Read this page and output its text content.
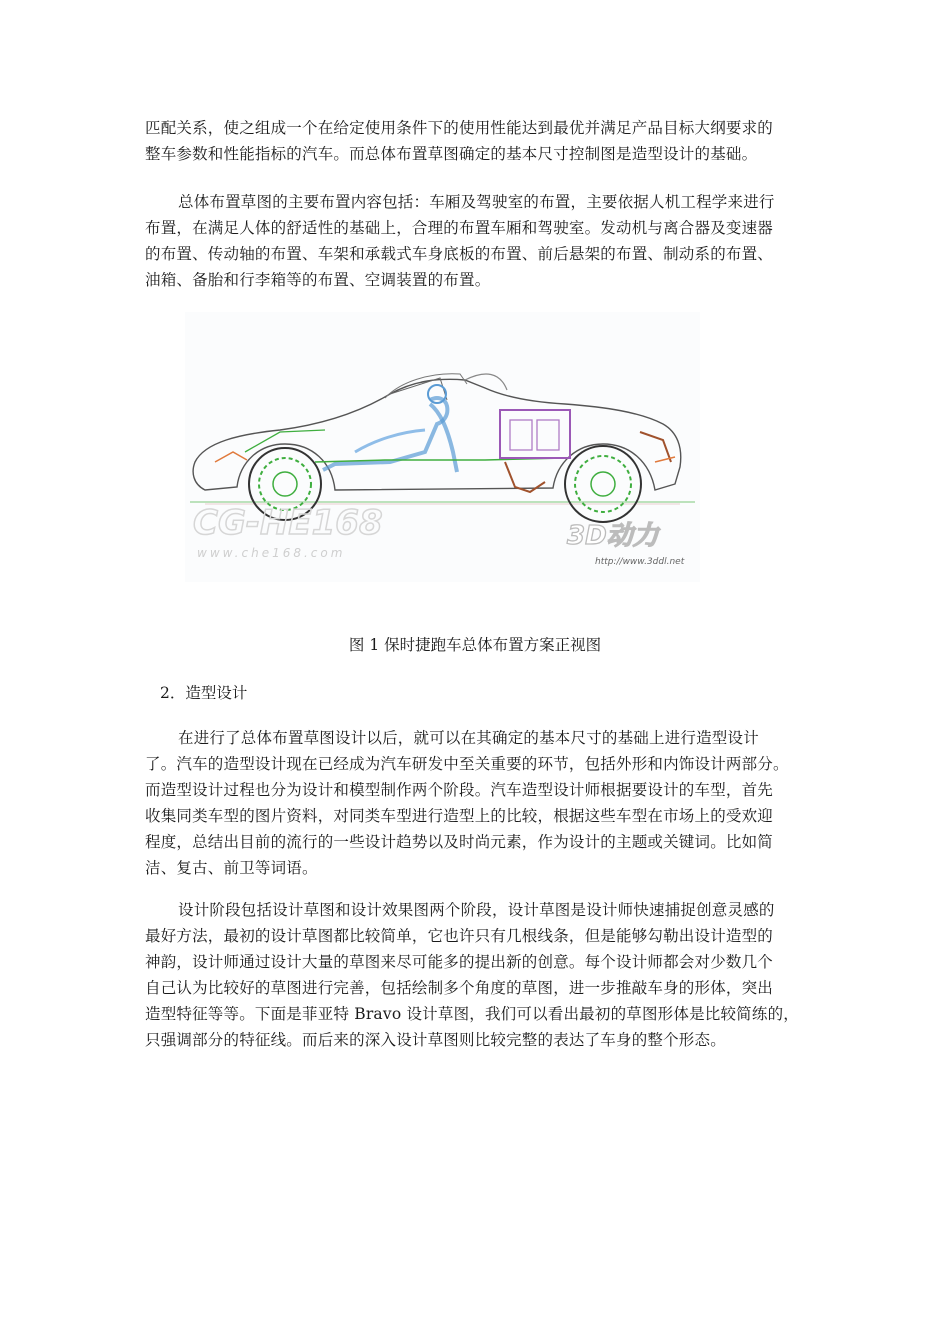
匹配关系，使之组成一个在给定使用条件下的使用性能达到最优并满足产品目标大纲要求的
整车参数和性能指标的汽车。而总体布置草图确定的基本尺寸控制图是造型设计的基础。

总体布置草图的主要布置内容包括：车厢及驾驶室的布置，主要依据人机工程学来进行
布置，在满足人体的舒适性的基础上，合理的布置车厢和驾驶室。发动机与离合器及变速器
的布置、传动轴的布置、车架和承载式车身底板的布置、前后悬架的布置、制动系的布置、
油箱、备胎和行李箱等的布置、空调装置的布置。

CG-HE168
www.che168.com
3D动力
http://www.3ddl.net
图 1 保时捷跑车总体布置方案正视图
2．造型设计

在进行了总体布置草图设计以后，就可以在其确定的基本尺寸的基础上进行造型设计
了。汽车的造型设计现在已经成为汽车研发中至关重要的环节，包括外形和内饰设计两部分。
而造型设计过程也分为设计和模型制作两个阶段。汽车造型设计师根据要设计的车型，首先
收集同类车型的图片资料，对同类车型进行造型上的比较，根据这些车型在市场上的受欢迎
程度，总结出目前的流行的一些设计趋势以及时尚元素，作为设计的主题或关键词。比如简
洁、复古、前卫等词语。

设计阶段包括设计草图和设计效果图两个阶段，设计草图是设计师快速捕捉创意灵感的
最好方法，最初的设计草图都比较简单，它也许只有几根线条，但是能够勾勒出设计造型的
神韵，设计师通过设计大量的草图来尽可能多的提出新的创意。每个设计师都会对少数几个
自己认为比较好的草图进行完善，包括绘制多个角度的草图，进一步推敲车身的形体，突出
造型特征等等。下面是菲亚特 Bravo 设计草图，我们可以看出最初的草图形体是比较简练的，
只强调部分的特征线。而后来的深入设计草图则比较完整的表达了车身的整个形态。
